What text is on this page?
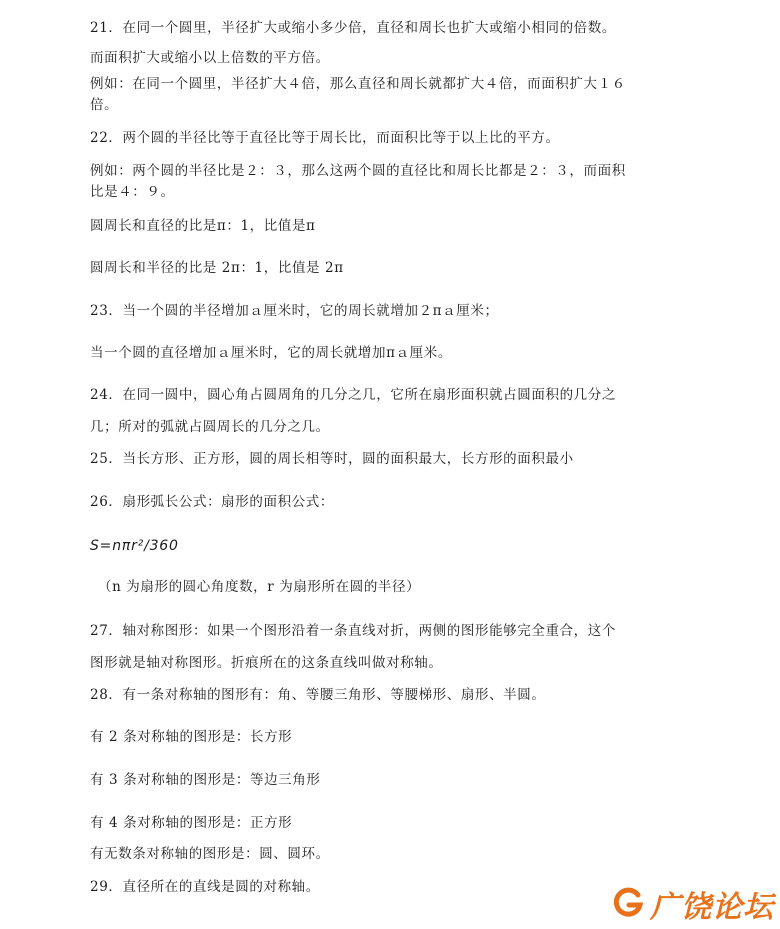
21．在同一个圆里，半径扩大或缩小多少倍，直径和周长也扩大或缩小相同的倍数。
而面积扩大或缩小以上倍数的平方倍。
例如：在同一个圆里，半径扩大４倍，那么直径和周长就都扩大４倍，而面积扩大１６
倍。
22．两个圆的半径比等于直径比等于周长比，而面积比等于以上比的平方。
例如：两个圆的半径比是２：３，那么这两个圆的直径比和周长比都是２：３，而面积
比是４：９。
圆周长和直径的比是π：1，比值是π
圆周长和半径的比是 2π：1，比值是 2π
23．当一个圆的半径增加ａ厘米时，它的周长就增加２πａ厘米；
当一个圆的直径增加ａ厘米时，它的周长就增加πａ厘米。
24．在同一圆中，圆心角占圆周角的几分之几，它所在扇形面积就占圆面积的几分之
几；所对的弧就占圆周长的几分之几。
25．当长方形、正方形，圆的周长相等时，圆的面积最大，长方形的面积最小
26．扇形弧长公式：扇形的面积公式：
S=nπr²/360
（n 为扇形的圆心角度数，r 为扇形所在圆的半径）
27．轴对称图形：如果一个图形沿着一条直线对折，两侧的图形能够完全重合，这个
图形就是轴对称图形。折痕所在的这条直线叫做对称轴。
28．有一条对称轴的图形有：角、等腰三角形、等腰梯形、扇形、半圆。
有 2 条对称轴的图形是：长方形
有 3 条对称轴的图形是：等边三角形
有 4 条对称轴的图形是：正方形
有无数条对称轴的图形是：圆、圆环。
29．直径所在的直线是圆的对称轴。
广饶论坛
